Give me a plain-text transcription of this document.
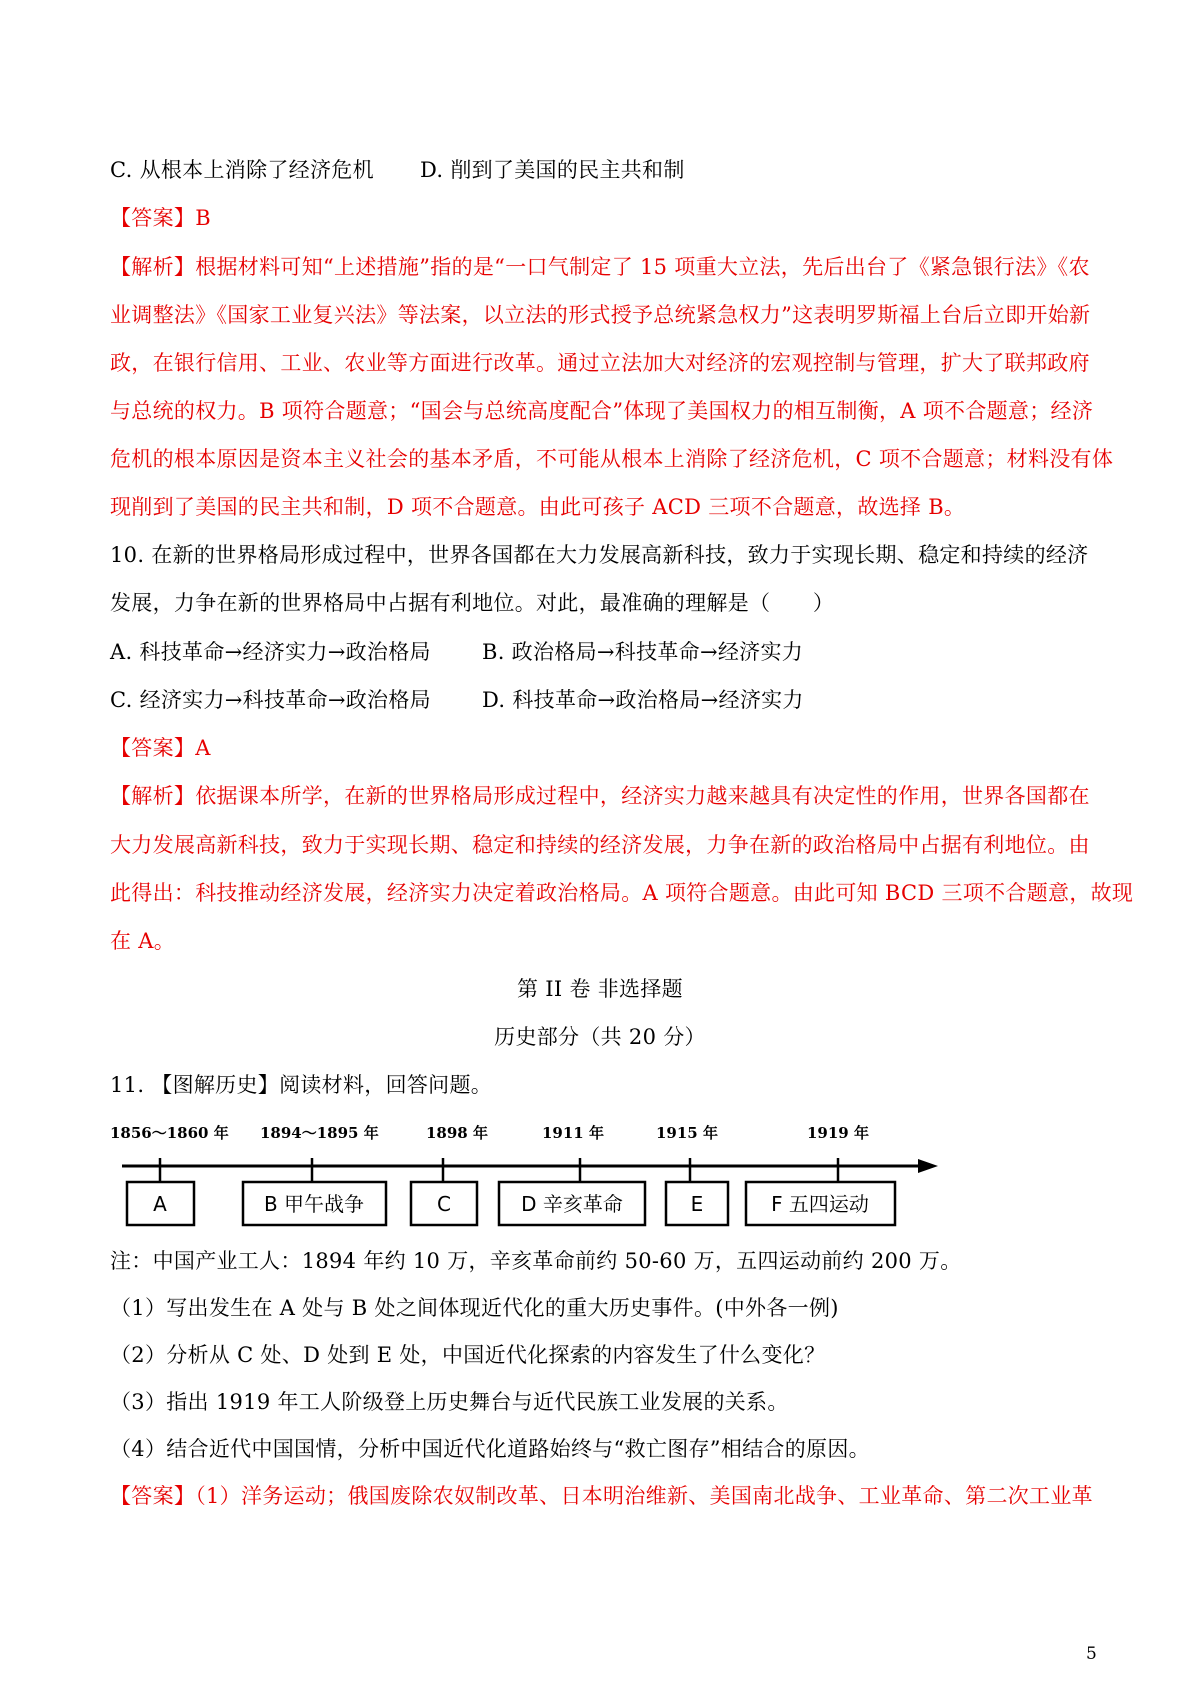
C. 从根本上消除了经济危机 D. 削到了美国的民主共和制
【答案】B
【解析】根据材料可知“上述措施”指的是“一口气制定了 15 项重大立法，先后出台了《紧急银行法》《农
业调整法》《国家工业复兴法》等法案，以立法的形式授予总统紧急权力”这表明罗斯福上台后立即开始新
政，在银行信用、工业、农业等方面进行改革。通过立法加大对经济的宏观控制与管理，扩大了联邦政府
与总统的权力。B 项符合题意；“国会与总统高度配合”体现了美国权力的相互制衡，A 项不合题意；经济
危机的根本原因是资本主义社会的基本矛盾，不可能从根本上消除了经济危机，C 项不合题意；材料没有体
现削到了美国的民主共和制，D 项不合题意。由此可孩子 ACD 三项不合题意，故选择 B。
10. 在新的世界格局形成过程中，世界各国都在大力发展高新科技，致力于实现长期、稳定和持续的经济
发展，力争在新的世界格局中占据有利地位。对此，最准确的理解是（　　）
A. 科技革命→经济实力→政治格局 B. 政治格局→科技革命→经济实力
C. 经济实力→科技革命→政治格局 D. 科技革命→政治格局→经济实力
【答案】A
【解析】依据课本所学，在新的世界格局形成过程中，经济实力越来越具有决定性的作用，世界各国都在
大力发展高新科技，致力于实现长期、稳定和持续的经济发展，力争在新的政治格局中占据有利地位。由
此得出：科技推动经济发展，经济实力决定着政治格局。A 项符合题意。由此可知 BCD 三项不合题意，故现
在 A。
第 II 卷 非选择题
历史部分（共 20 分）
11. 【图解历史】阅读材料，回答问题。
1856～1860 年 1894～1895 年	1898 年	1911 年	1915 年	1919 年
A	B 甲午战争	C	D 辛亥革命	E	F 五四运动
注：中国产业工人：1894 年约 10 万，辛亥革命前约 50-60 万，五四运动前约 200 万。
（1）写出发生在 A 处与 B 处之间体现近代化的重大历史事件。(中外各一例)
（2）分析从 C 处、D 处到 E 处，中国近代化探索的内容发生了什么变化？
（3）指出 1919 年工人阶级登上历史舞台与近代民族工业发展的关系。
（4）结合近代中国国情，分析中国近代化道路始终与“救亡图存”相结合的原因。
【答案】（1）洋务运动；俄国废除农奴制改革、日本明治维新、美国南北战争、工业革命、第二次工业革
5
